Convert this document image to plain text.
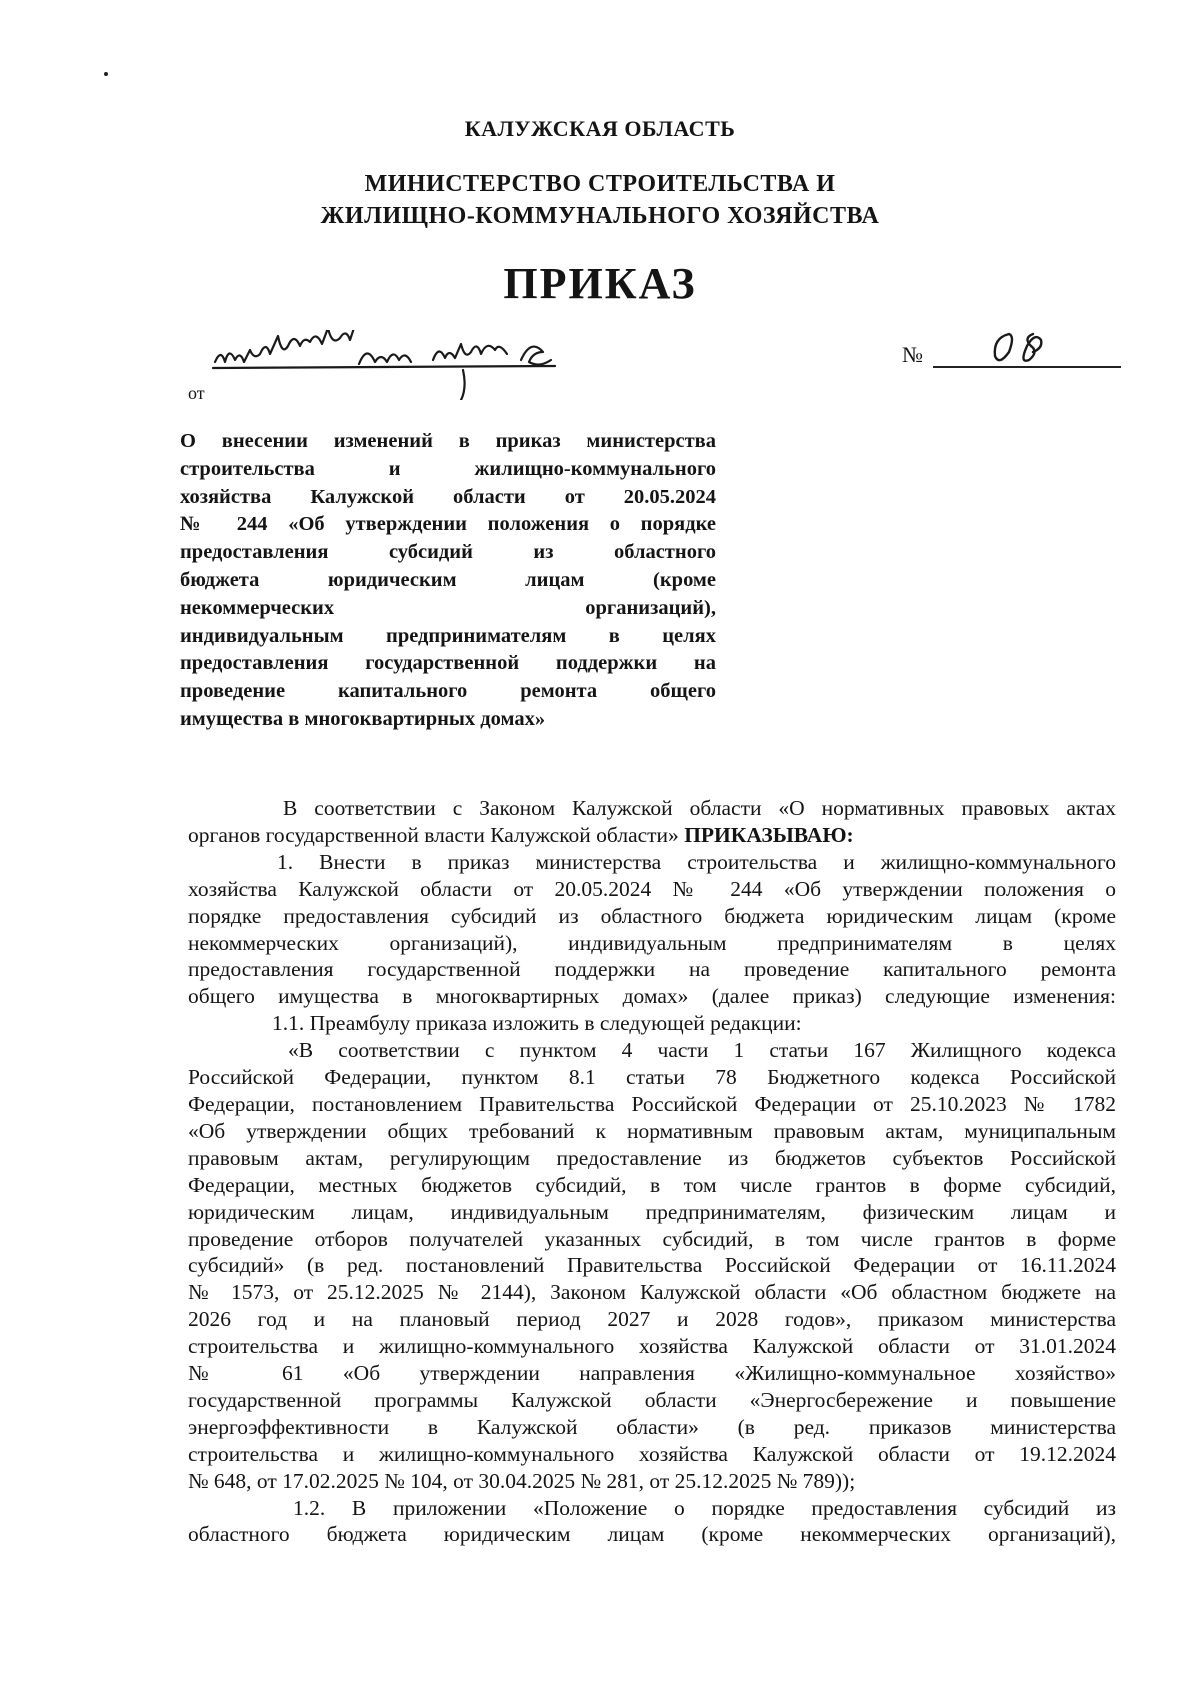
КАЛУЖСКАЯ ОБЛАСТЬ
МИНИСТЕРСТВО СТРОИТЕЛЬСТВА И
ЖИЛИЩНО-КОММУНАЛЬНОГО ХОЗЯЙСТВА
ПРИКАЗ
от
№
О внесении изменений в приказ министерства
строительства и жилищно-коммунального
хозяйства Калужской области от 20.05.2024
№ 244 «Об утверждении положения о порядке
предоставления субсидий из областного
бюджета юридическим лицам (кроме
некоммерческих организаций),
индивидуальным предпринимателям в целях
предоставления государственной поддержки на
проведение капитального ремонта общего
имущества в многоквартирных домах»
В соответствии с Законом Калужской области «О нормативных правовых актах
органов государственной власти Калужской области» ПРИКАЗЫВАЮ:
1. Внести в приказ министерства строительства и жилищно-коммунального
хозяйства Калужской области от 20.05.2024 № 244 «Об утверждении положения о
порядке предоставления субсидий из областного бюджета юридическим лицам (кроме
некоммерческих организаций), индивидуальным предпринимателям в целях
предоставления государственной поддержки на проведение капитального ремонта
общего имущества в многоквартирных домах» (далее приказ) следующие изменения:
1.1. Преамбулу приказа изложить в следующей редакции:
«В соответствии с пунктом 4 части 1 статьи 167 Жилищного кодекса
Российской Федерации, пунктом 8.1 статьи 78 Бюджетного кодекса Российской
Федерации, постановлением Правительства Российской Федерации от 25.10.2023 № 1782
«Об утверждении общих требований к нормативным правовым актам, муниципальным
правовым актам, регулирующим предоставление из бюджетов субъектов Российской
Федерации, местных бюджетов субсидий, в том числе грантов в форме субсидий,
юридическим лицам, индивидуальным предпринимателям, физическим лицам и
проведение отборов получателей указанных субсидий, в том числе грантов в форме
субсидий» (в ред. постановлений Правительства Российской Федерации от 16.11.2024
№ 1573, от 25.12.2025 № 2144), Законом Калужской области «Об областном бюджете на
2026 год и на плановый период 2027 и 2028 годов», приказом министерства
строительства и жилищно-коммунального хозяйства Калужской области от 31.01.2024
№ 61 «Об утверждении направления «Жилищно-коммунальное хозяйство»
государственной программы Калужской области «Энергосбережение и повышение
энергоэффективности в Калужской области» (в ред. приказов министерства
строительства и жилищно-коммунального хозяйства Калужской области от 19.12.2024
№ 648, от 17.02.2025 № 104, от 30.04.2025 № 281, от 25.12.2025 № 789));
1.2. В приложении «Положение о порядке предоставления субсидий из
областного бюджета юридическим лицам (кроме некоммерческих организаций),
